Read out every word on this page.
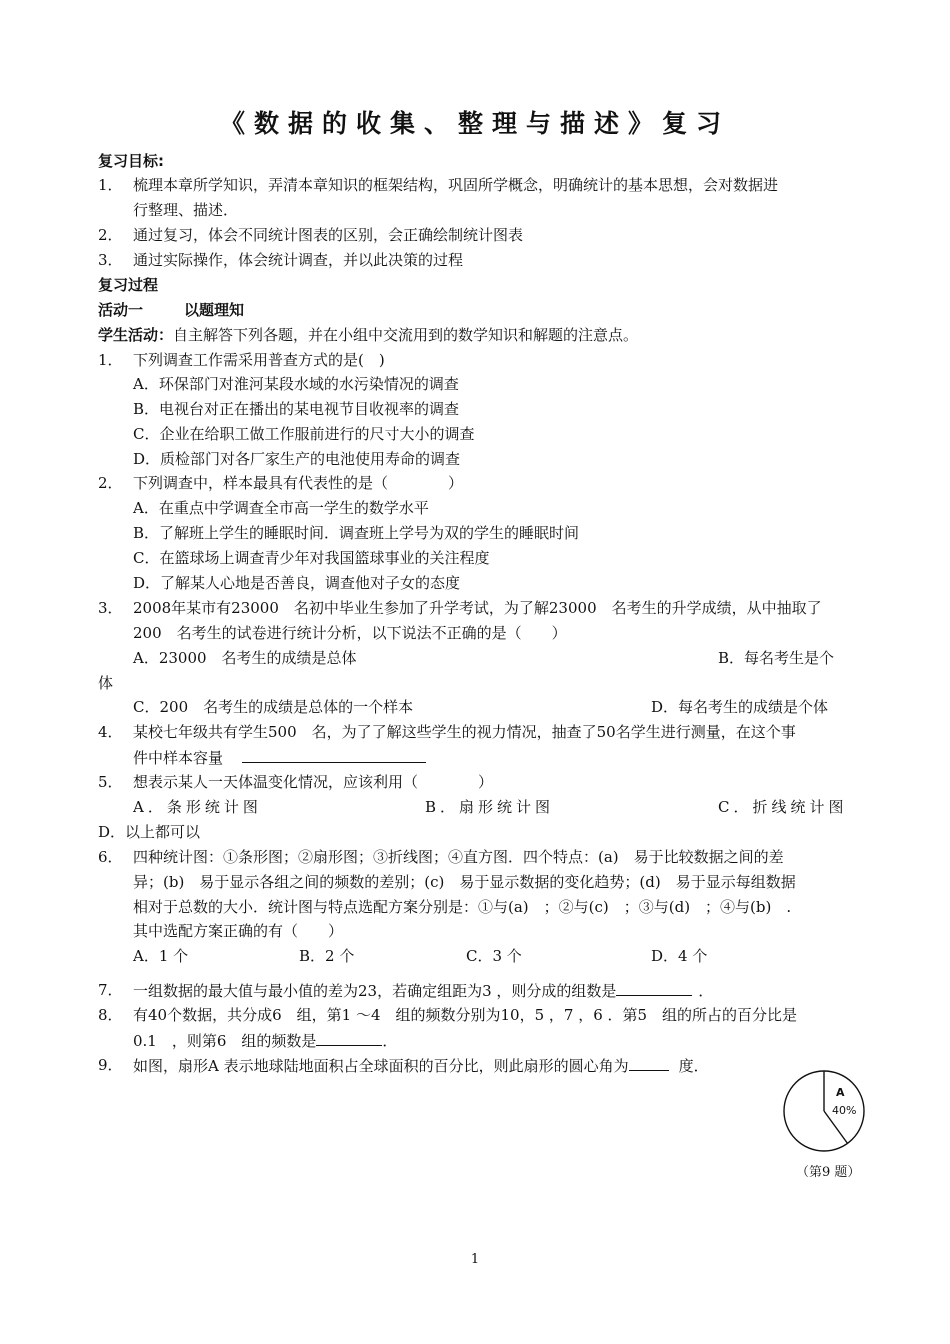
《数据的收集、整理与描述》复习
复习目标:
1． 梳理本章所学知识，弄清本章知识的框架结构，巩固所学概念，明确统计的基本思想，会对数据进
行整理、描述．
2． 通过复习，体会不同统计图表的区别，会正确绘制统计图表
3． 通过实际操作，体会统计调查，并以此决策的过程
复习过程
活动一	以题理知
学生活动：自主解答下列各题，并在小组中交流用到的数学知识和解题的注意点。
1． 下列调查工作需采用普查方式的是(　)
A．环保部门对淮河某段水域的水污染情况的调查
B．电视台对正在播出的某电视节目收视率的调查
C．企业在给职工做工作服前进行的尺寸大小的调查
D．质检部门对各厂家生产的电池使用寿命的调查
2． 下列调查中，样本最具有代表性的是（　　　　）
A．在重点中学调查全市高一学生的数学水平
B．了解班上学生的睡眠时间．调查班上学号为双的学生的睡眠时间
C．在篮球场上调查青少年对我国篮球事业的关注程度
D．了解某人心地是否善良，调查他对子女的态度
3． 2008年某市有23000　名初中毕业生参加了升学考试，为了解23000　名考生的升学成绩，从中抽取了
200　名考生的试卷进行统计分析，以下说法不正确的是（　　）
A．23000　名考生的成绩是总体	B．每名考生是个
体
C．200　名考生的成绩是总体的一个样本	D．每名考生的成绩是个体
4． 某校七年级共有学生500　名，为了了解这些学生的视力情况，抽查了50名学生进行测量，在这个事
件中样本容量
5． 想表示某人一天体温变化情况，应该利用（　　　　）
A．条形统计图	B．扇形统计图	C．折线统计图
D．以上都可以
6． 四种统计图：①条形图；②扇形图；③折线图；④直方图．四个特点：(a)　易于比较数据之间的差
异；(b)　易于显示各组之间的频数的差别；(c)　易于显示数据的变化趋势；(d)　易于显示每组数据
相对于总数的大小．统计图与特点选配方案分别是：①与(a)　；②与(c)　；③与(d)　；④与(b)　.
其中选配方案正确的有（　　）
A．1 个	B．2 个	C．3 个	D．4 个
7． 一组数据的最大值与最小值的差为23，若确定组距为3 ，则分成的组数是	．
8． 有40个数据，共分成6　组，第1 ～4　组的频数分别为10，5 ，7 ，6 ．第5　组的所占的百分比是
0.1　，则第6　组的频数是	．
9． 如图，扇形A 表示地球陆地面积占全球面积的百分比，则此扇形的圆心角为	度．
A
40%
（第9 题）
1
